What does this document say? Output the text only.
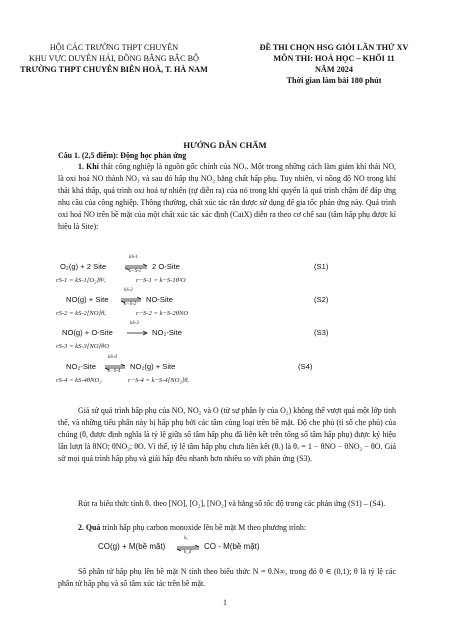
HỘI CÁC TRƯỜNG THPT CHUYÊN
KHU VỰC DUYÊN HẢI, ĐỒNG BẰNG BẮC BỘ
TRƯỜNG THPT CHUYÊN BIÊN HOÀ, T. HÀ NAM
ĐỀ THI CHỌN HSG GIỎI LẦN THỨ XV
MÔN THI: HOÁ HỌC – KHỐI 11
NĂM 2024
Thời gian làm bài 180 phút
HƯỚNG DẪN CHẤM
Câu 1. (2,5 điểm): Động học phản ứng
1. Khí thải công nghiệp là nguồn gốc chính của NOₓ. Một trong những cách làm giảm khí thải NO, là oxi hoá NO thành NO₂ và sau đó hấp thụ NO₂ bằng chất hấp phụ. Tuy nhiên, vì nồng độ NO trong khí thải khá thấp, quá trình oxi hoá tự nhiên (tự diễn ra) của nó trong khí quyển là quá trình chậm để đáp ứng nhu cầu của công nghiệp. Thông thường, chất xúc tác rắn được sử dụng để gia tốc phản ứng này. Quá trình oxi hoá NO trên bề mặt của một chất xúc tác xác định (CatX) diễn ra theo cơ chế sau (tâm hấp phụ được kí hiệu là Site):
O₂(g) + 2 Site
kS-1
k−S-1
2 O-Site	(S1)
rS-1 = kS-1[O₂]θ²ᵥ	r−S-1 = k−S-1θ²O
NO(g) + Site
kS-2
k−S-2
NO-Site	(S2)
rS-2 = kS-2[NO]θᵥ	r−S-2 = k−S-2θNO
NO(g) + O-Site
kS-3
NO₂-Site	(S3)
rS-3 = kS-3[NO]θO
NO₂-Site
kS-4
k−S-4
NO₂(g) + Site	(S4)
rS-4 = kS-4θNO₂	r−S-4 = k−S-4[NO₂]θᵥ
Giả sử quá trình hấp phụ của NO, NO₂ và O (từ sự phân ly của O₂) không thể vượt quá một lớp tinh thể, và những tiểu phân này bị hấp phụ bởi các tâm cùng loại trên bề mặt. Độ che phủ (tỉ số che phủ) của chúng (θ, được định nghĩa là tỷ lệ giữa số tâm hấp phụ đã liên kết trên tổng số tâm hấp phụ) được ký hiệu lần lượt là θNO; θNO₂; θO. Vì thế, tỷ lệ tâm hấp phụ chưa liên kết (θᵥ) là θᵥ = 1 − θNO − θNO₂ − θO. Giả sử mọi quá trình hấp phụ và giải hấp đều nhanh hơn nhiều so với phản ứng (S3).
Rút ra biểu thức tính θᵥ theo [NO], [O₂], [NO₂] và hằng số tốc độ trong các phản ứng (S1) – (S4).
2. Quá trình hấp phụ carbon monoxide lên bề mặt M theo phương trình:
CO(g) + M(bề mặt)
kₐ
k_d
CO - M(bề mặt)
Số phân tử hấp phụ lên bề mặt N tính theo biểu thức N = θ.N∞, trong đó θ ∈ (0,1); θ là tỷ lệ các phân tử hấp phụ và số tâm xúc tác trên bề mặt.
1
